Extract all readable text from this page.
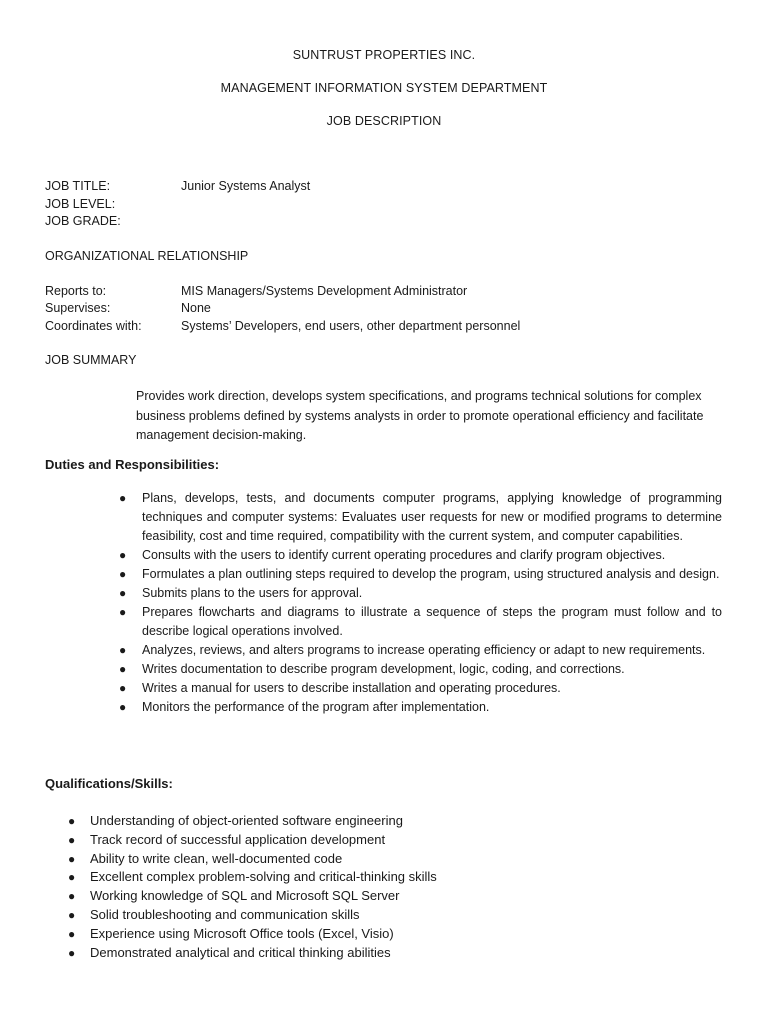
SUNTRUST PROPERTIES INC.
MANAGEMENT INFORMATION SYSTEM DEPARTMENT
JOB DESCRIPTION
JOB TITLE:	Junior Systems Analyst
JOB LEVEL:
JOB GRADE:
ORGANIZATIONAL RELATIONSHIP
Reports to:	MIS Managers/Systems Development Administrator
Supervises:	None
Coordinates with:	Systems’ Developers, end users, other department personnel
JOB SUMMARY
Provides work direction, develops system specifications, and programs technical solutions for complex business problems defined by systems analysts in order to promote operational efficiency and facilitate management decision-making.
Duties and Responsibilities:
● Plans, develops, tests, and documents computer programs, applying knowledge of programming techniques and computer systems: Evaluates user requests for new or modified programs to determine feasibility, cost and time required, compatibility with the current system, and computer capabilities.
● Consults with the users to identify current operating procedures and clarify program objectives.
● Formulates a plan outlining steps required to develop the program, using structured analysis and design.
● Submits plans to the users for approval.
● Prepares flowcharts and diagrams to illustrate a sequence of steps the program must follow and to describe logical operations involved.
● Analyzes, reviews, and alters programs to increase operating efficiency or adapt to new requirements.
● Writes documentation to describe program development, logic, coding, and corrections.
● Writes a manual for users to describe installation and operating procedures.
● Monitors the performance of the program after implementation.
Qualifications/Skills:
● Understanding of object-oriented software engineering
● Track record of successful application development
● Ability to write clean, well-documented code
● Excellent complex problem-solving and critical-thinking skills
● Working knowledge of SQL and Microsoft SQL Server
● Solid troubleshooting and communication skills
● Experience using Microsoft Office tools (Excel, Visio)
● Demonstrated analytical and critical thinking abilities
